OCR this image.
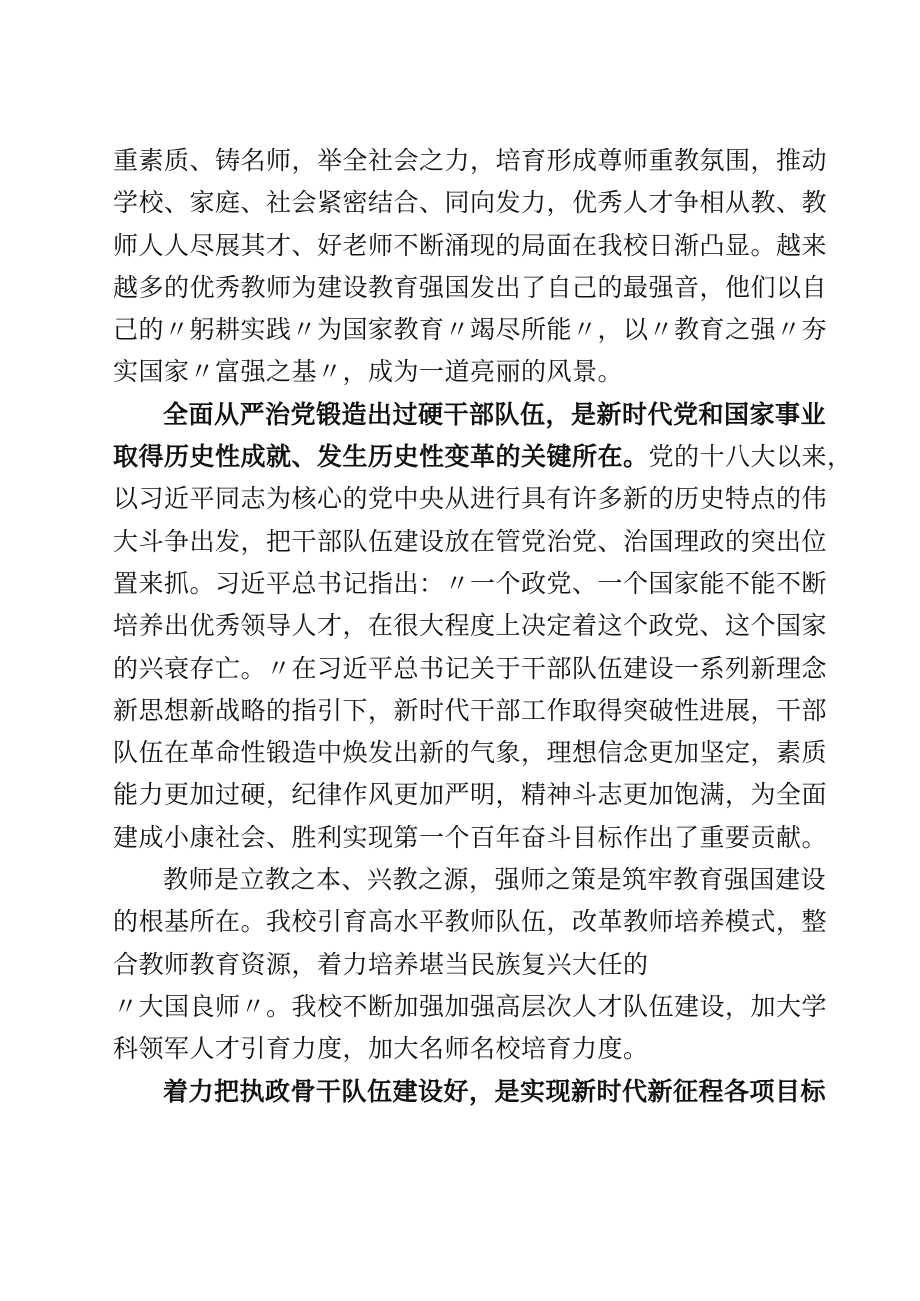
重素质、铸名师，举全社会之力，培育形成尊师重教氛围，推动
学校、家庭、社会紧密结合、同向发力，优秀人才争相从教、教
师人人尽展其才、好老师不断涌现的局面在我校日渐凸显。越来
越多的优秀教师为建设教育强国发出了自己的最强音，他们以自
己的〃躬耕实践〃为国家教育〃竭尽所能〃，以〃教育之强〃夯
实国家〃富强之基〃，成为一道亮丽的风景。
全面从严治党锻造出过硬干部队伍，是新时代党和国家事业
取得历史性成就、发生历史性变革的关键所在。党的十八大以来，
以习近平同志为核心的党中央从进行具有许多新的历史特点的伟
大斗争出发，把干部队伍建设放在管党治党、治国理政的突出位
置来抓。习近平总书记指出：〃一个政党、一个国家能不能不断
培养出优秀领导人才，在很大程度上决定着这个政党、这个国家
的兴衰存亡。〃在习近平总书记关于干部队伍建设一系列新理念
新思想新战略的指引下，新时代干部工作取得突破性进展，干部
队伍在革命性锻造中焕发出新的气象，理想信念更加坚定，素质
能力更加过硬，纪律作风更加严明，精神斗志更加饱满，为全面
建成小康社会、胜利实现第一个百年奋斗目标作出了重要贡献。
教师是立教之本、兴教之源，强师之策是筑牢教育强国建设
的根基所在。我校引育高水平教师队伍，改革教师培养模式，整
合教师教育资源，着力培养堪当民族复兴大任的
〃大国良师〃。我校不断加强加强高层次人才队伍建设，加大学
科领军人才引育力度，加大名师名校培育力度。
着力把执政骨干队伍建设好，是实现新时代新征程各项目标
